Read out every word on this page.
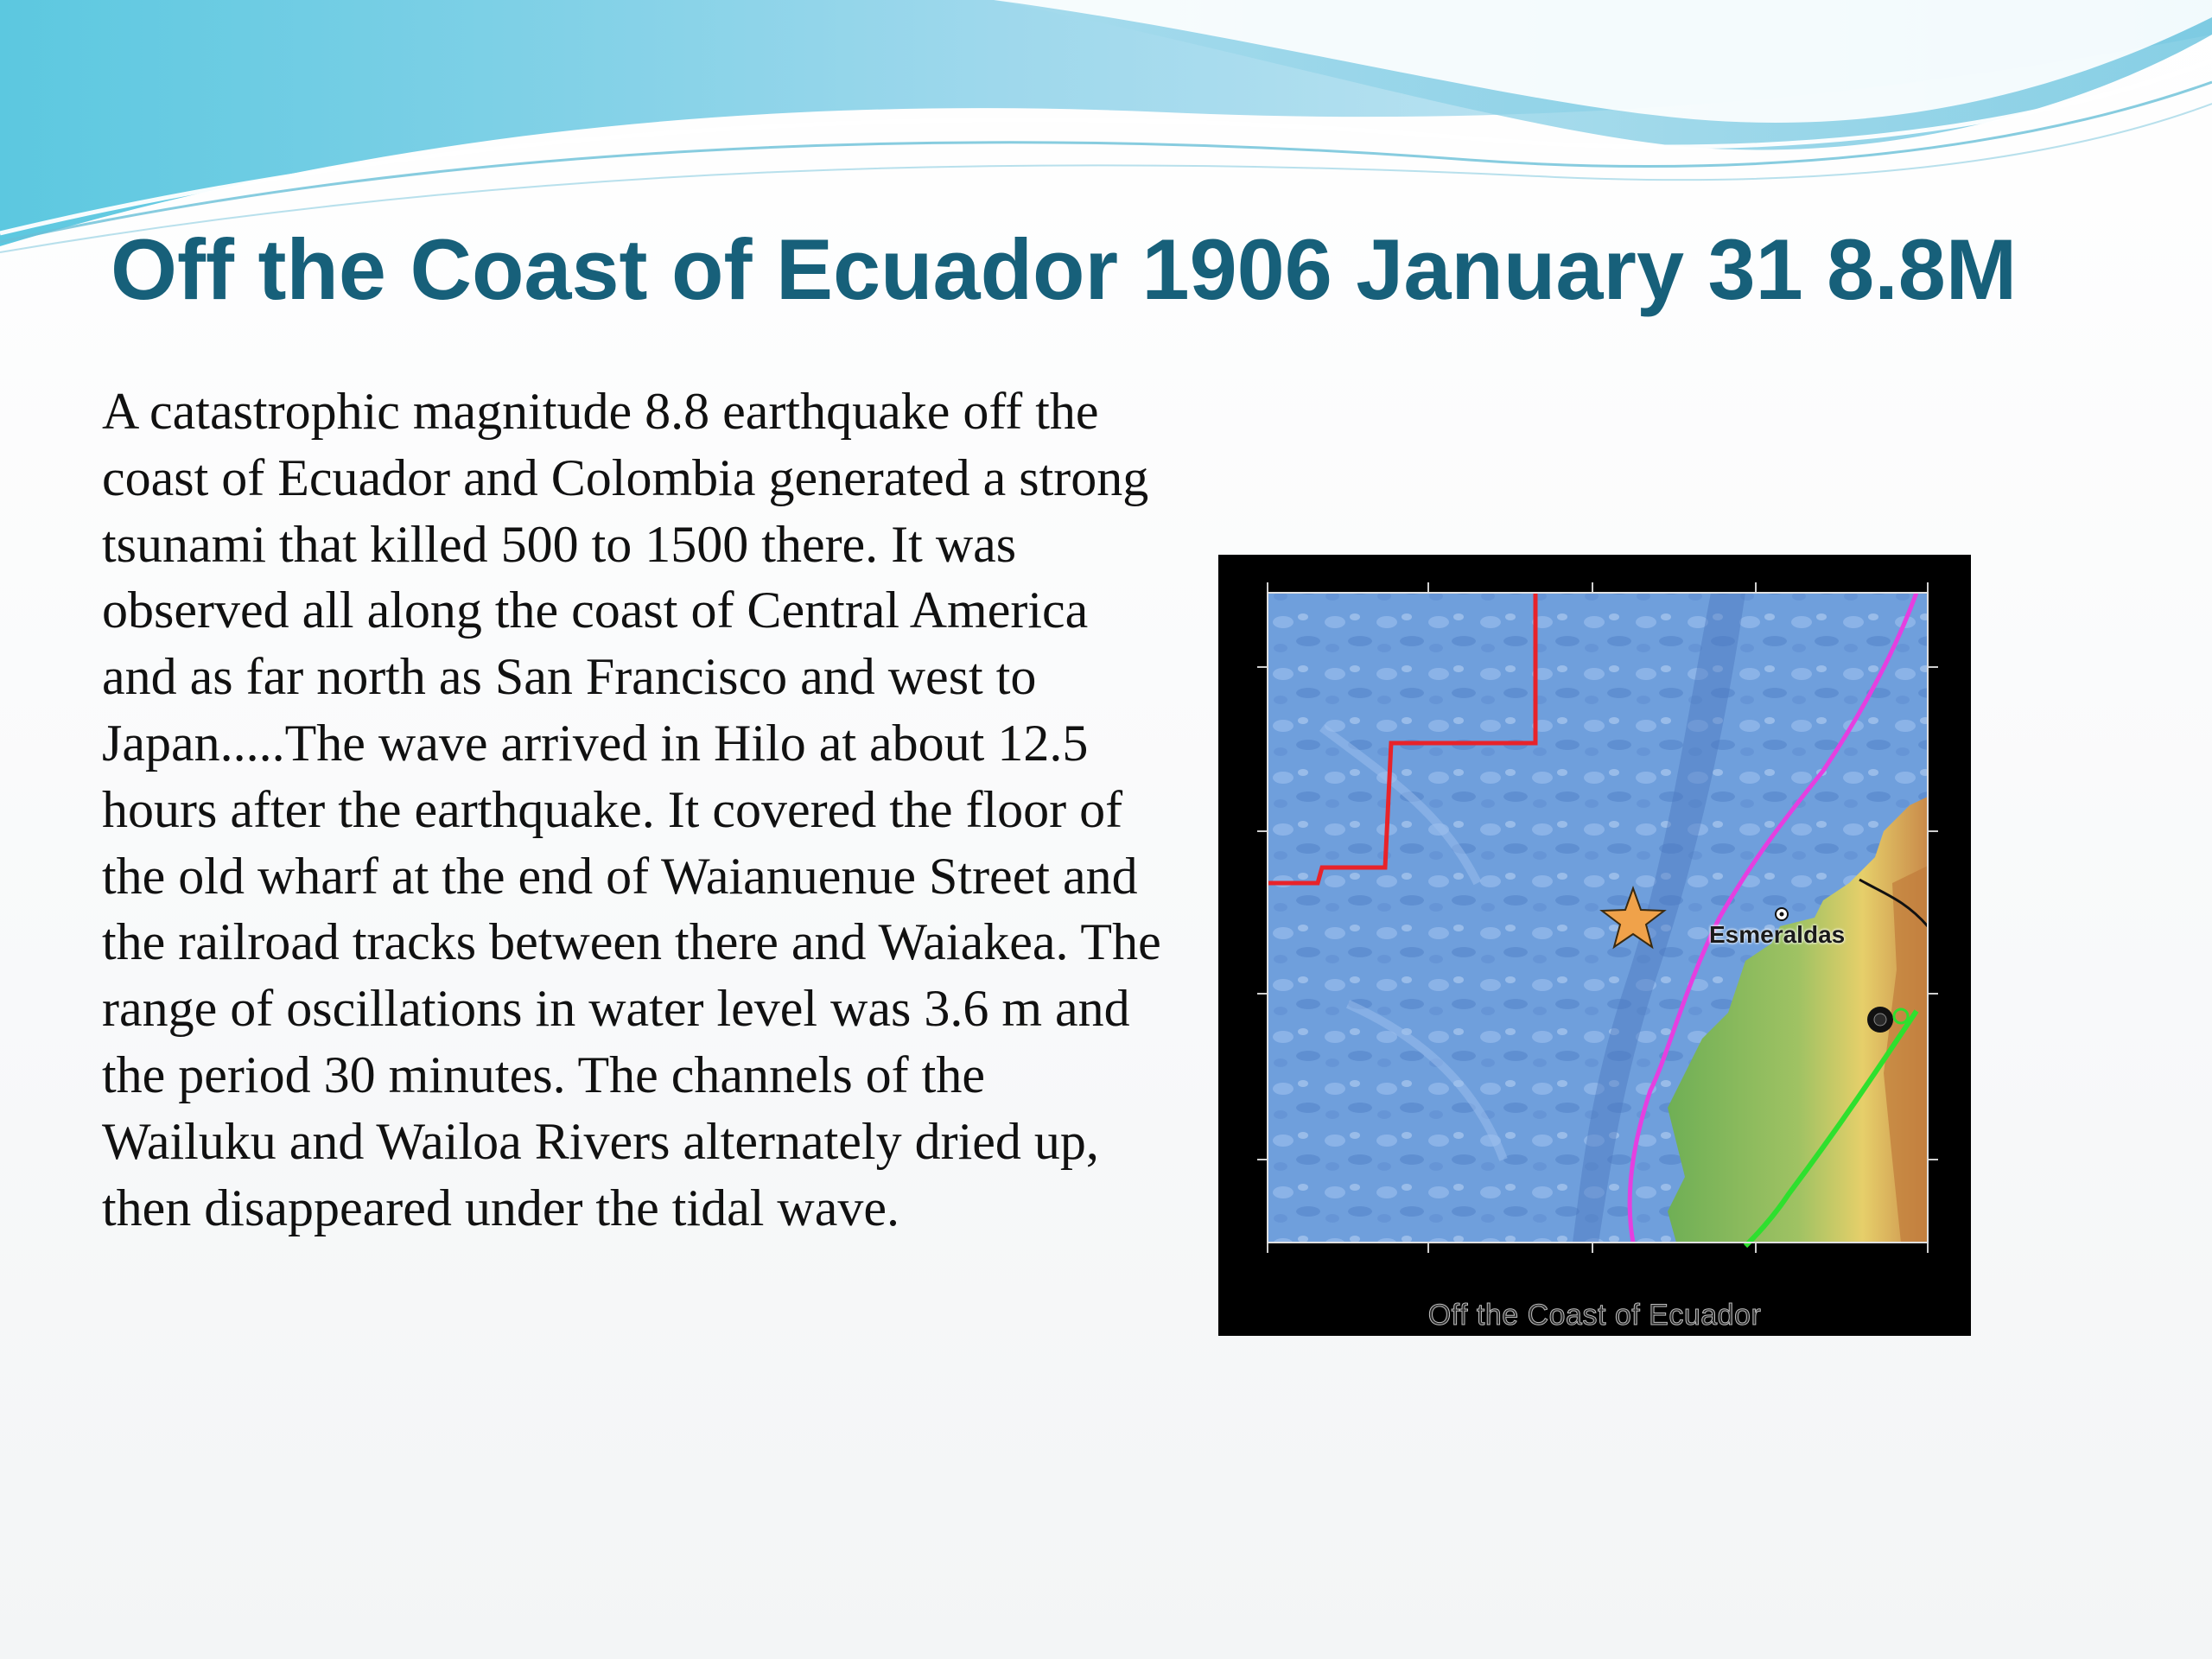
Off the Coast of Ecuador 1906 January 31 8.8M

A catastrophic magnitude 8.8 earthquake off the coast of Ecuador and Colombia generated a strong tsunami that killed 500 to 1500 there. It was observed all along the coast of Central America and as far north as San Francisco and west to Japan.....The wave arrived in Hilo at about 12.5 hours after the earthquake. It covered the floor of the old wharf at the end of Waianuenue Street and the railroad tracks between there and Waiakea. The range of oscillations in water level was 3.6 m and the period 30 minutes. The channels of the Wailuku and Wailoa Rivers alternately dried up, then disappeared under the tidal wave.

Esmeraldas
Off the Coast of Ecuador
